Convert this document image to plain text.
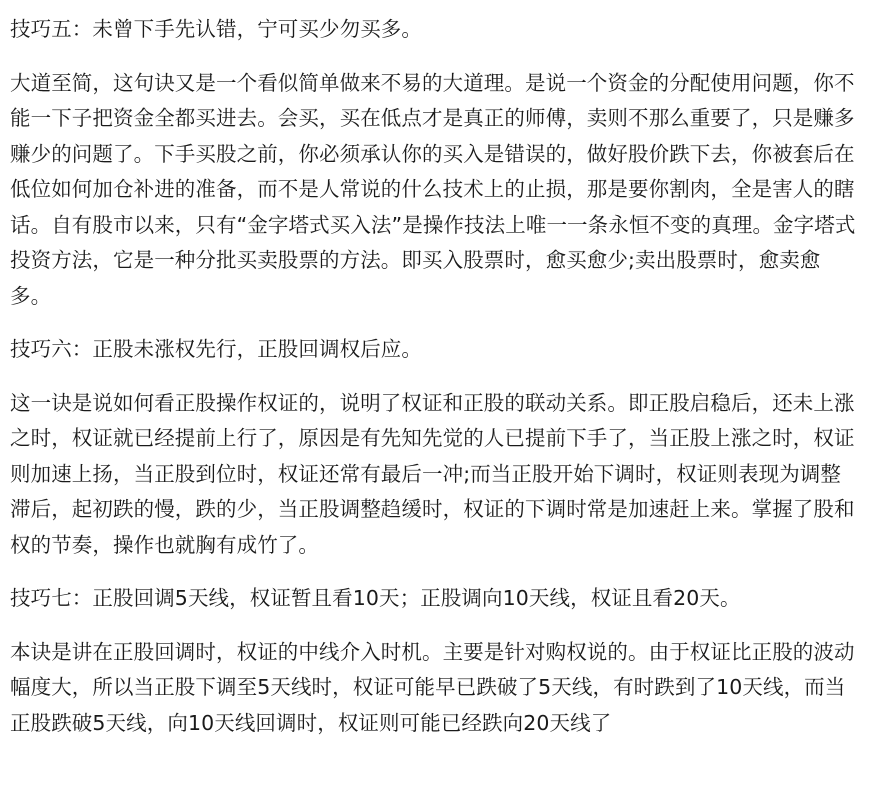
技巧五：未曾下手先认错，宁可买少勿买多。

大道至简，这句诀又是一个看似简单做来不易的大道理。是说一个资金的分配使用问题，你不能一下子把资金全都买进去。会买，买在低点才是真正的师傅，卖则不那么重要了，只是赚多赚少的问题了。下手买股之前，你必须承认你的买入是错误的，做好股价跌下去，你被套后在低位如何加仓补进的准备，而不是人常说的什么技术上的止损，那是要你割肉，全是害人的瞎话。自有股市以来，只有“金字塔式买入法”是操作技法上唯一一条永恒不变的真理。金字塔式投资方法，它是一种分批买卖股票的方法。即买入股票时，愈买愈少;卖出股票时，愈卖愈多。

技巧六：正股未涨权先行，正股回调权后应。

这一诀是说如何看正股操作权证的，说明了权证和正股的联动关系。即正股启稳后，还未上涨之时，权证就已经提前上行了，原因是有先知先觉的人已提前下手了，当正股上涨之时，权证则加速上扬，当正股到位时，权证还常有最后一冲;而当正股开始下调时，权证则表现为调整滞后，起初跌的慢，跌的少，当正股调整趋缓时，权证的下调时常是加速赶上来。掌握了股和权的节奏，操作也就胸有成竹了。

技巧七：正股回调5天线，权证暂且看10天；正股调向10天线，权证且看20天。

本诀是讲在正股回调时，权证的中线介入时机。主要是针对购权说的。由于权证比正股的波动幅度大，所以当正股下调至5天线时，权证可能早已跌破了5天线，有时跌到了10天线，而当正股跌破5天线，向10天线回调时，权证则可能已经跌向20天线了
